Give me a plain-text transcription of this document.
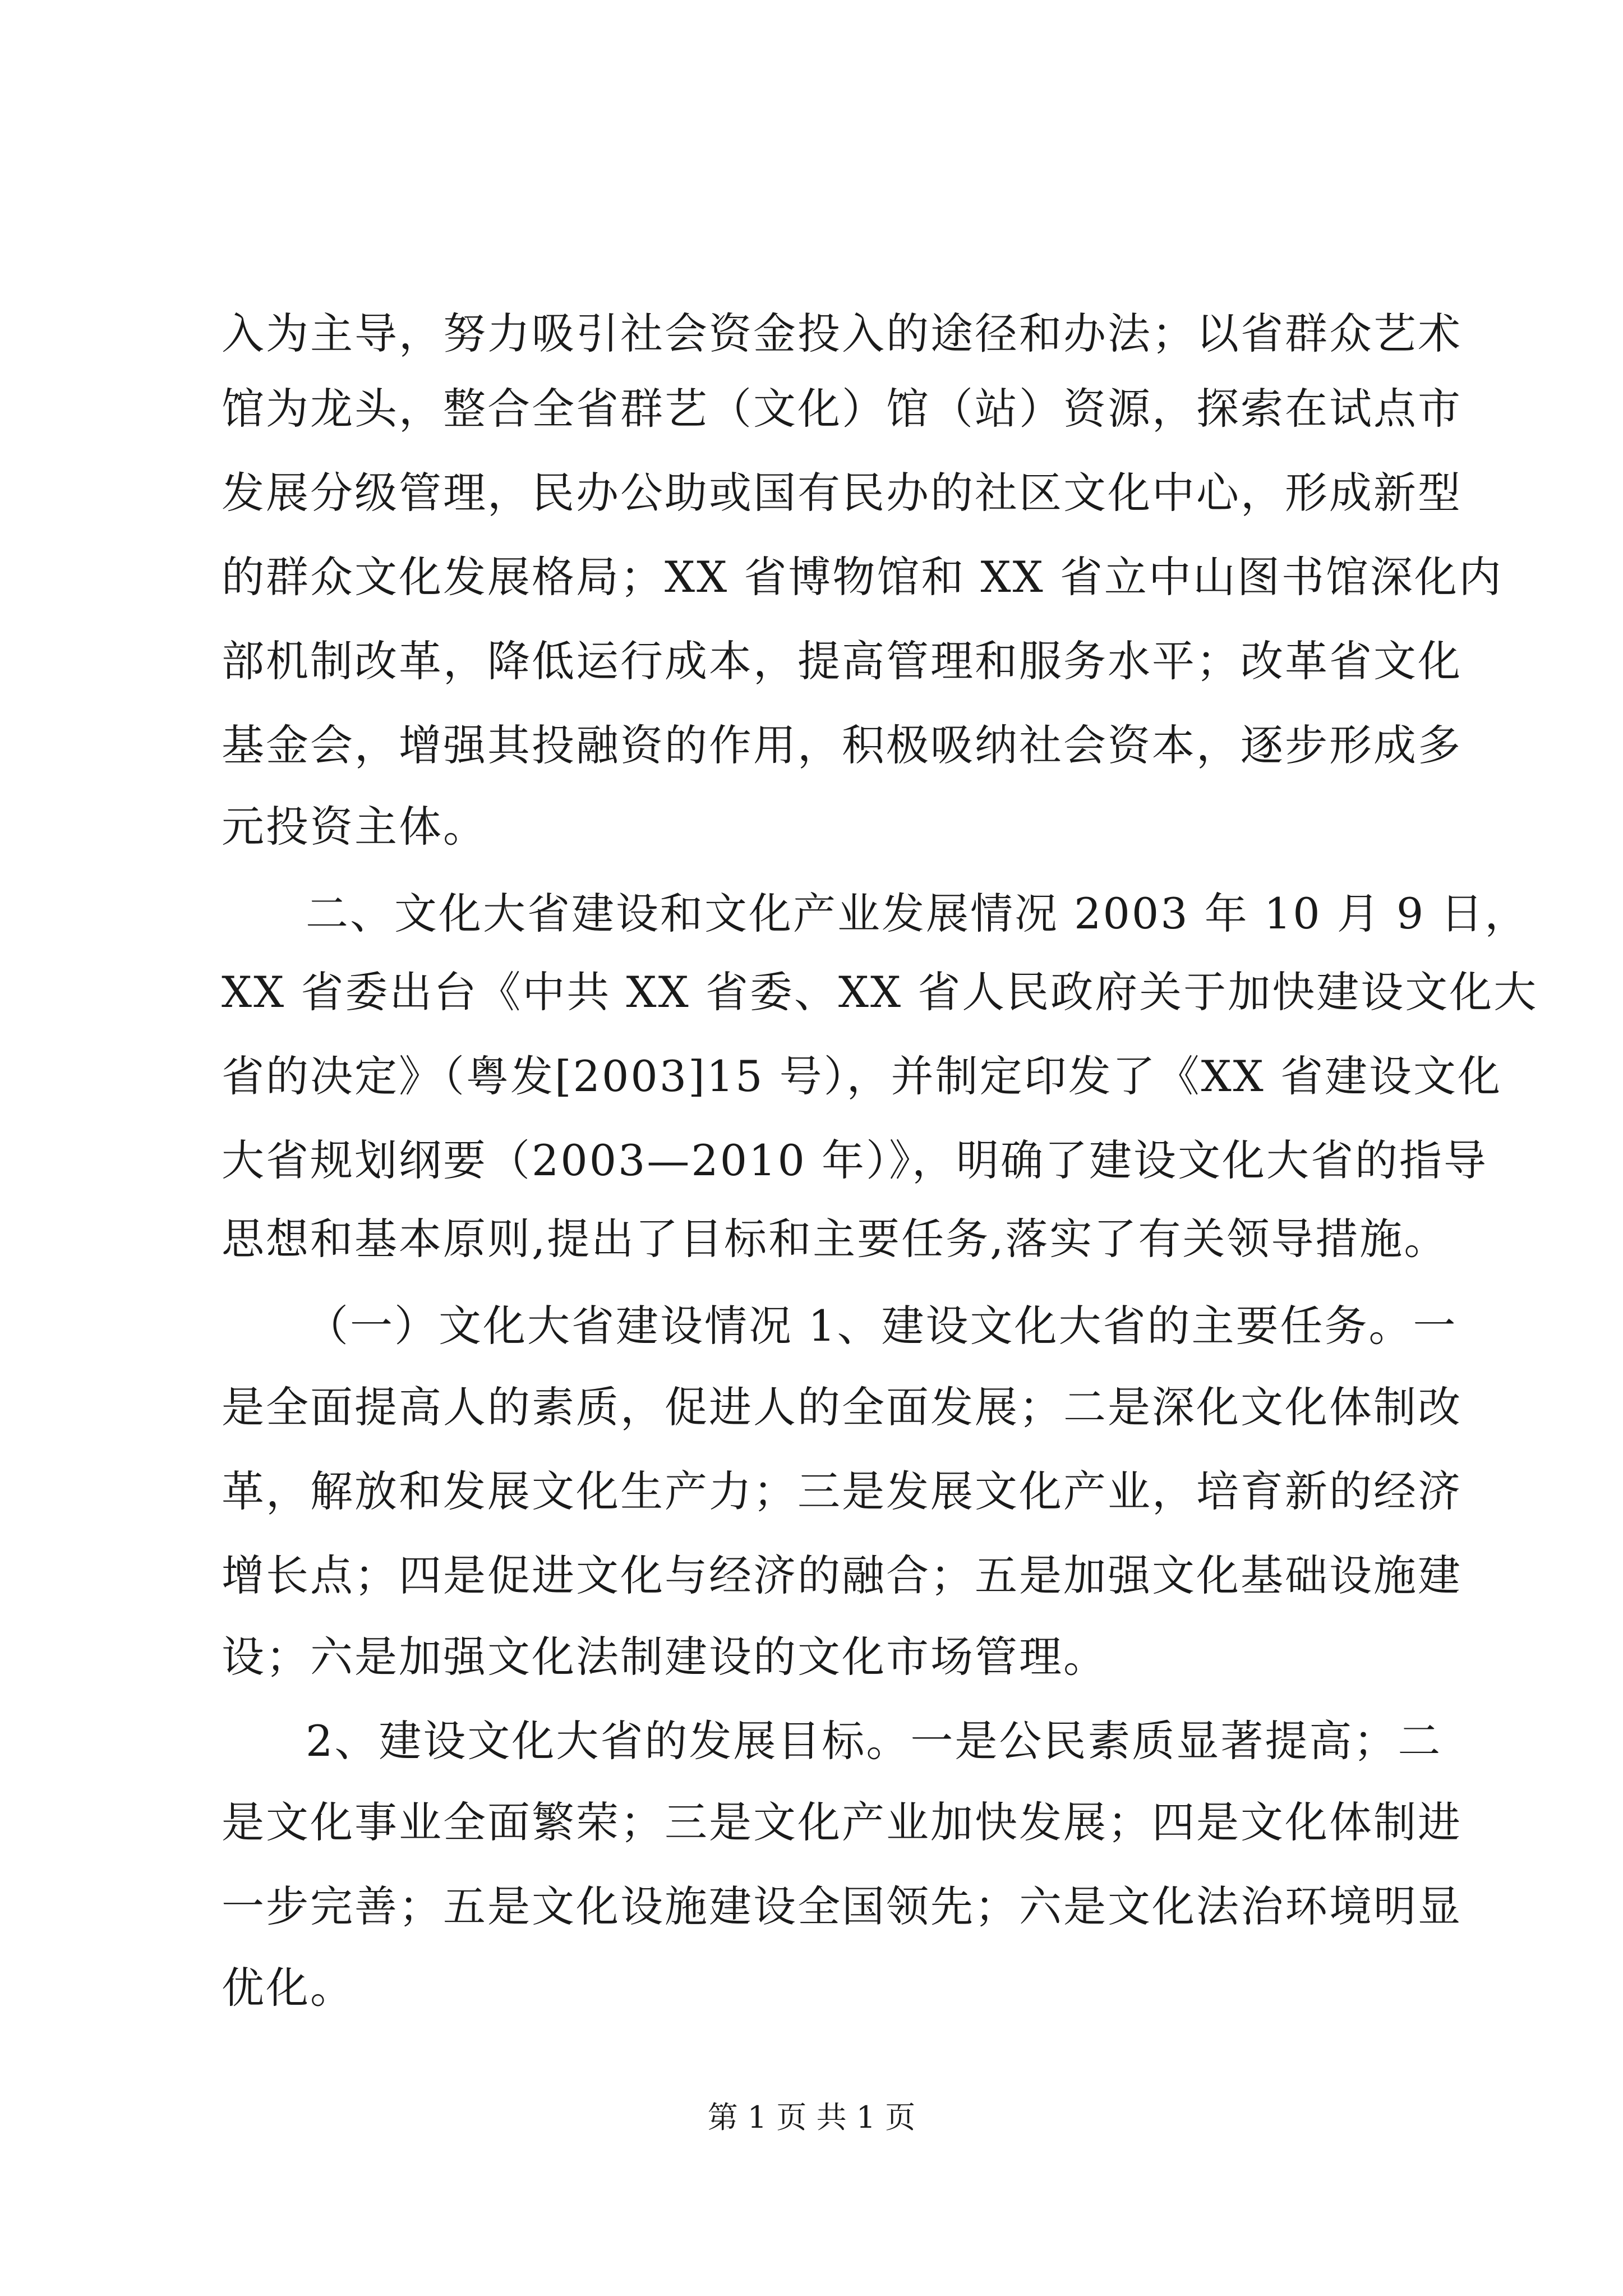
入为主导，努力吸引社会资金投入的途径和办法；以省群众艺术
馆为龙头，整合全省群艺（文化）馆（站）资源，探索在试点市
发展分级管理，民办公助或国有民办的社区文化中心，形成新型
的群众文化发展格局；XX 省博物馆和 XX 省立中山图书馆深化内
部机制改革，降低运行成本，提高管理和服务水平；改革省文化
基金会，增强其投融资的作用，积极吸纳社会资本，逐步形成多
元投资主体。
二、文化大省建设和文化产业发展情况 2003 年 10 月 9 日，
XX 省委出台《中共 XX 省委、XX 省人民政府关于加快建设文化大
省的决定》（粤发[2003]15 号），并制定印发了《XX 省建设文化
大省规划纲要（2003—2010 年）》，明确了建设文化大省的指导
思想和基本原则,提出了目标和主要任务,落实了有关领导措施。
（一）文化大省建设情况 1、建设文化大省的主要任务。一
是全面提高人的素质，促进人的全面发展；二是深化文化体制改
革，解放和发展文化生产力；三是发展文化产业，培育新的经济
增长点；四是促进文化与经济的融合；五是加强文化基础设施建
设；六是加强文化法制建设的文化市场管理。
2、建设文化大省的发展目标。一是公民素质显著提高；二
是文化事业全面繁荣；三是文化产业加快发展；四是文化体制进
一步完善；五是文化设施建设全国领先；六是文化法治环境明显
优化。
第 1 页 共 1 页
